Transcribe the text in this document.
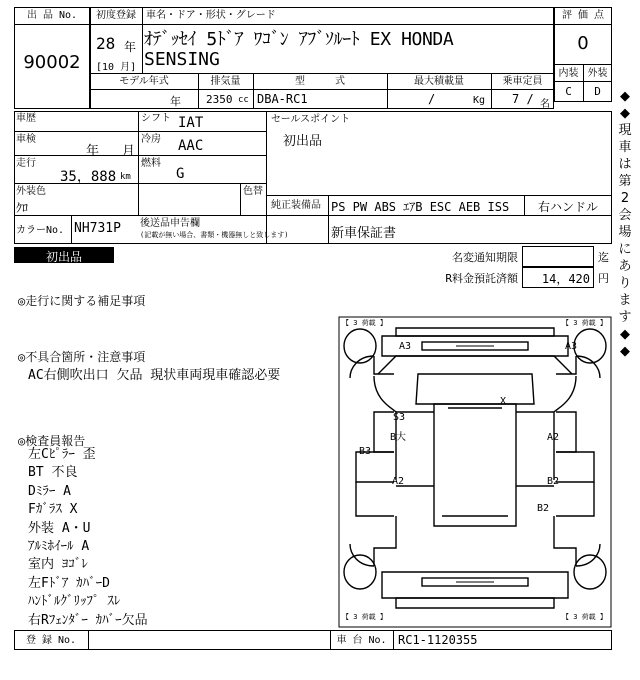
出 品 No.
90002
初度登録
28 年
[10 月]
車名・ドア・形状・グレード
ｵﾃﾞｯｾｲ 5ﾄﾞｱ ﾜｺﾞﾝ ｱﾌﾞｿﾙｰﾄ EX HONDA
SENSING
モデル年式
年
排気量
2350 cc
型　　　式
DBA-RC1
最大積載量
/	Kg
乗車定員
7 / 名
評 価 点
0
内装 外装
C	D	◆
◆
現
車
は
第
2
会
場
に
あ
り
ま
す
◆
◆
車歴	シフト IAT
車検
年 月
冷房 AAC
走行
35，888 km
燃料
G
外装色
ｸﾛ
色替
カラーNo. NH731P 後送品申告欄
(記載が無い場合、書類・機器無しと致します)
セールスポイント
初出品
純正装備品 PS PW ABS ｴｱB ESC AEB ISS	右ハンドル
新車保証書
初出品	名変通知期限	迄
R料金預託済額	14，420 円
◎走行に関する補足事項
◎不具合箇所・注意事項
AC右側吹出口 欠品 現状車両現車確認必要
◎検査員報告
左Cﾋﾟﾗｰ 歪
BT 不良
Dﾐﾗｰ A
Fｶﾞﾗｽ X
外装 A・U
ｱﾙﾐﾎｲｰﾙ A
室内 ﾖｺﾞﾚ
左Fﾄﾞｱ ｶﾊﾞｰD
ﾊﾝﾄﾞﾙｸﾞﾘｯﾌﾟ ｽﾚ
右Rﾌｪﾝﾀﾞｰ ｶﾊﾞｰ欠品
【 3 荷載 】	【 3 荷載 】
【 3 荷載 】	【 3 荷載 】
A3	A3
X
S3
B大
B3
A2
A2	B2
B2
登 録 No.	車 台 No. RC1-1120355
